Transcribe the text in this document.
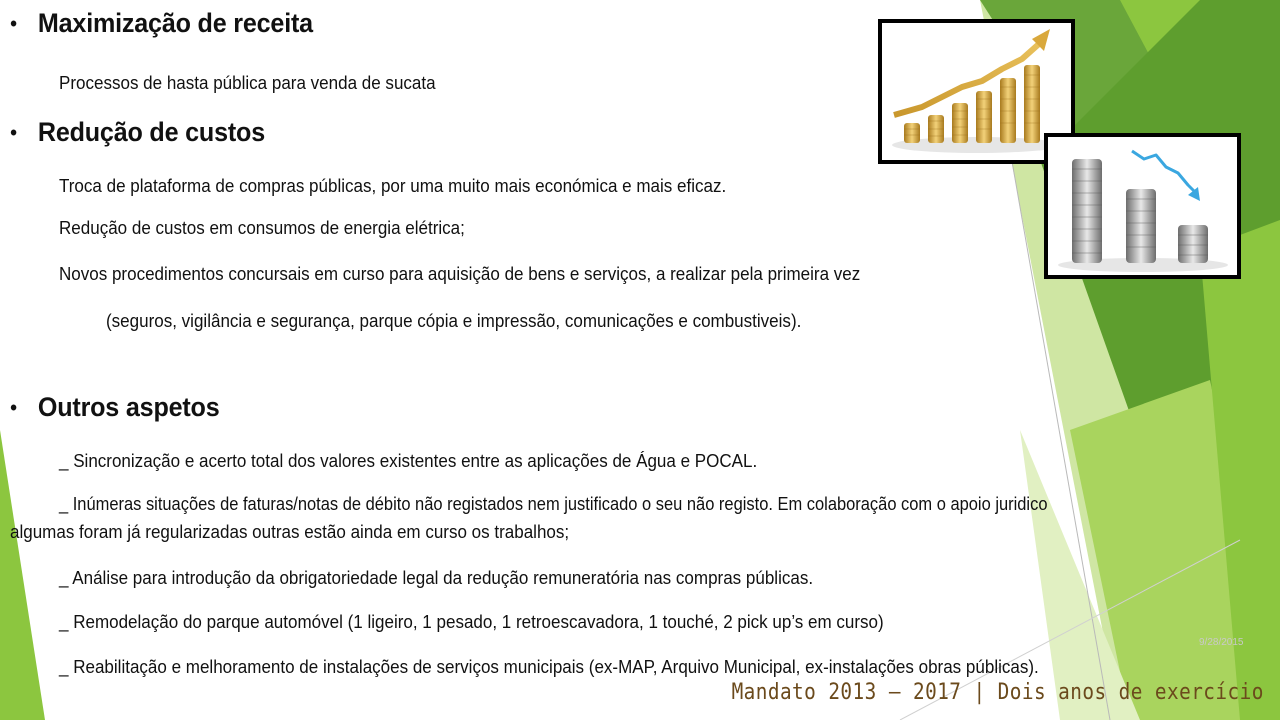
• Maximização de receita
Processos de hasta pública para venda de sucata
• Redução de custos
Troca de plataforma de compras públicas, por uma muito mais económica e mais eficaz.
Redução de custos em consumos de energia elétrica;
Novos procedimentos concursais em curso para aquisição de bens e serviços, a realizar pela primeira vez
(seguros, vigilância e segurança, parque cópia e impressão, comunicações e combustiveis).
• Outros aspetos
_ Sincronização e acerto total dos valores existentes entre as aplicações de Água e POCAL.
_ Inúmeras situações de faturas/notas de débito não registados nem justificado o seu não registo. Em colaboração com o apoio juridico
algumas foram já regularizadas outras estão ainda em curso os trabalhos;
_ Análise para introdução da obrigatoriedade legal da redução remuneratória nas compras públicas.
_ Remodelação do parque automóvel (1 ligeiro, 1 pesado, 1 retroescavadora, 1 touché, 2 pick up’s em curso)
_ Reabilitação e melhoramento de instalações de serviços municipais (ex-MAP, Arquivo Municipal, ex-instalações obras públicas).
9/28/2015
Mandato 2013 – 2017 | Dois anos de exercício
